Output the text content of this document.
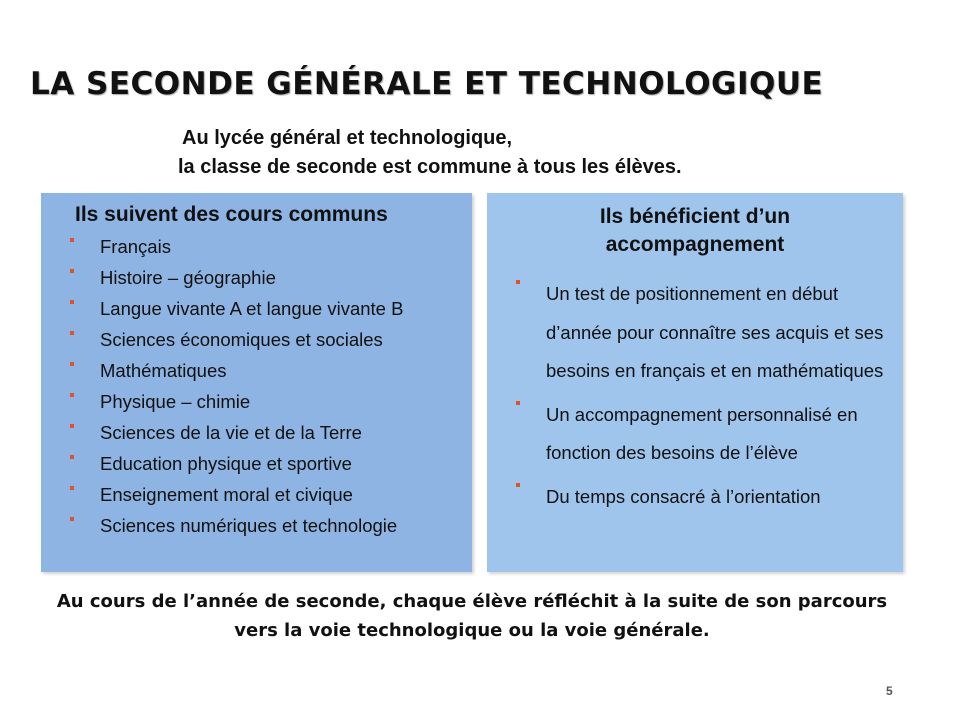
LA SECONDE GÉNÉRALE ET TECHNOLOGIQUE
Au lycée général et technologique,
la classe de seconde est commune à tous les élèves.
Ils suivent des cours communs
Français
Histoire – géographie
Langue vivante A et langue vivante B
Sciences économiques et sociales
Mathématiques
Physique – chimie
Sciences de la vie et de la Terre
Education physique et sportive
Enseignement moral et civique
Sciences numériques et technologie
Ils bénéficient d’un
accompagnement
Un test de positionnement en début d’année pour connaître ses acquis et ses besoins en français et en mathématiques
Un accompagnement personnalisé en fonction des besoins de l’élève
Du temps consacré à l’orientation
Au cours de l’année de seconde, chaque élève réfléchit à la suite de son parcours
vers la voie technologique ou la voie générale.
5
